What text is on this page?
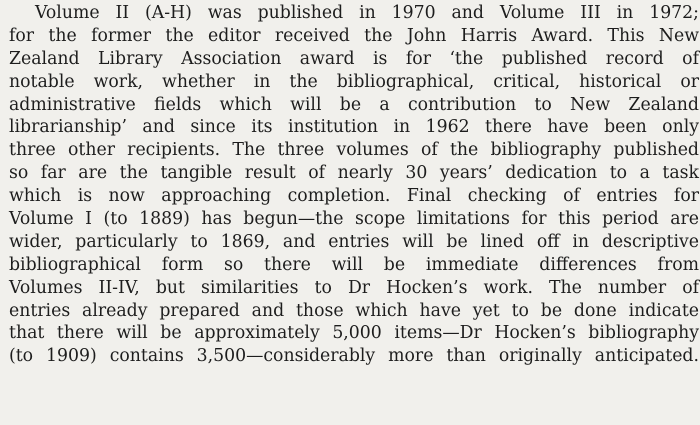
Volume II (A-H) was published in 1970 and Volume III in 1972;
for the former the editor received the John Harris Award. This New
Zealand Library Association award is for ‘the published record of
notable work, whether in the bibliographical, critical, historical or
administrative fields which will be a contribution to New Zealand
librarianship’ and since its institution in 1962 there have been only
three other recipients. The three volumes of the bibliography published
so far are the tangible result of nearly 30 years’ dedication to a task
which is now approaching completion. Final checking of entries for
Volume I (to 1889) has begun—the scope limitations for this period are
wider, particularly to 1869, and entries will be lined off in descriptive
bibliographical form so there will be immediate differences from
Volumes II-IV, but similarities to Dr Hocken’s work. The number of
entries already prepared and those which have yet to be done indicate
that there will be approximately 5,000 items—Dr Hocken’s bibliography
(to 1909) contains 3,500—considerably more than originally anticipated.
